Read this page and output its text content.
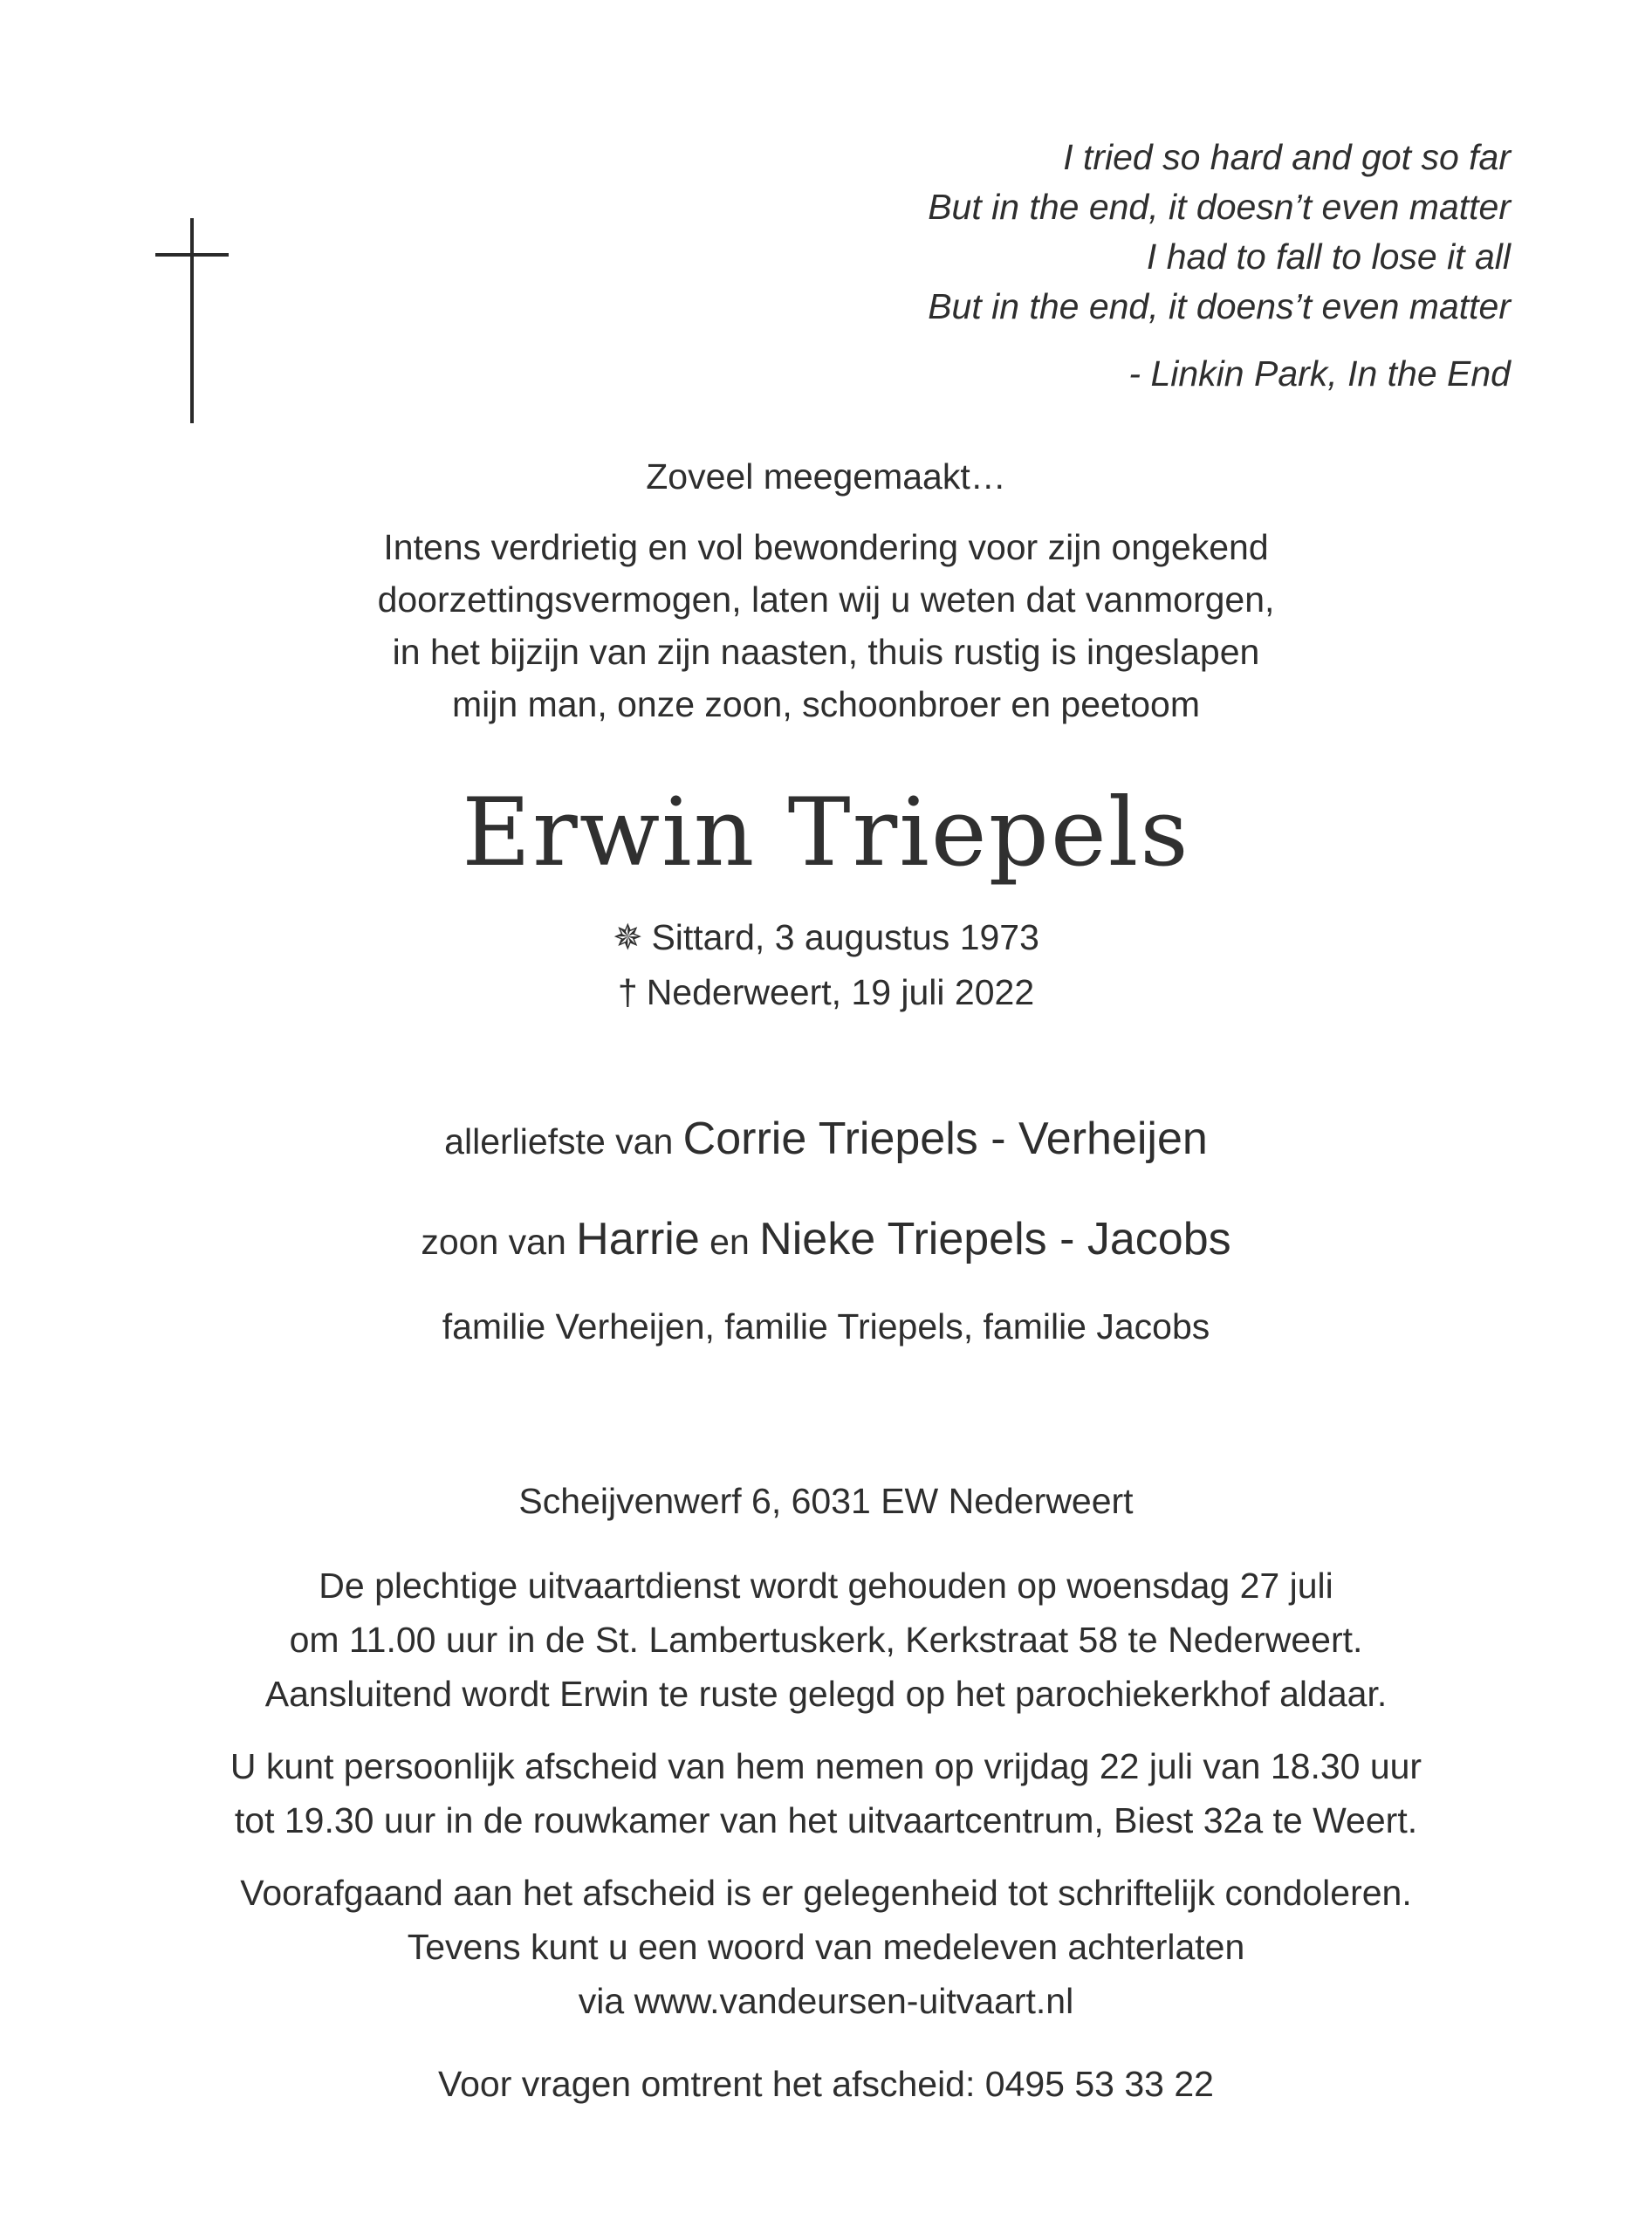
I tried so hard and got so far
But in the end, it doesn’t even matter
I had to fall to lose it all
But in the end, it doens’t even matter
- Linkin Park, In the End
Zoveel meegemaakt…
Intens verdrietig en vol bewondering voor zijn ongekend
doorzettingsvermogen, laten wij u weten dat vanmorgen,
in het bijzijn van zijn naasten, thuis rustig is ingeslapen
mijn man, onze zoon, schoonbroer en peetoom
Erwin Triepels
✵ Sittard, 3 augustus 1973
† Nederweert, 19 juli 2022
allerliefste van Corrie Triepels - Verheijen
zoon van Harrie en Nieke Triepels - Jacobs
familie Verheijen, familie Triepels, familie Jacobs
Scheijvenwerf 6, 6031 EW Nederweert
De plechtige uitvaartdienst wordt gehouden op woensdag 27 juli
om 11.00 uur in de St. Lambertuskerk, Kerkstraat 58 te Nederweert.
Aansluitend wordt Erwin te ruste gelegd op het parochiekerkhof aldaar.
U kunt persoonlijk afscheid van hem nemen op vrijdag 22 juli van 18.30 uur
tot 19.30 uur in de rouwkamer van het uitvaartcentrum, Biest 32a te Weert.
Voorafgaand aan het afscheid is er gelegenheid tot schriftelijk condoleren.
Tevens kunt u een woord van medeleven achterlaten
via www.vandeursen-uitvaart.nl
Voor vragen omtrent het afscheid: 0495 53 33 22
